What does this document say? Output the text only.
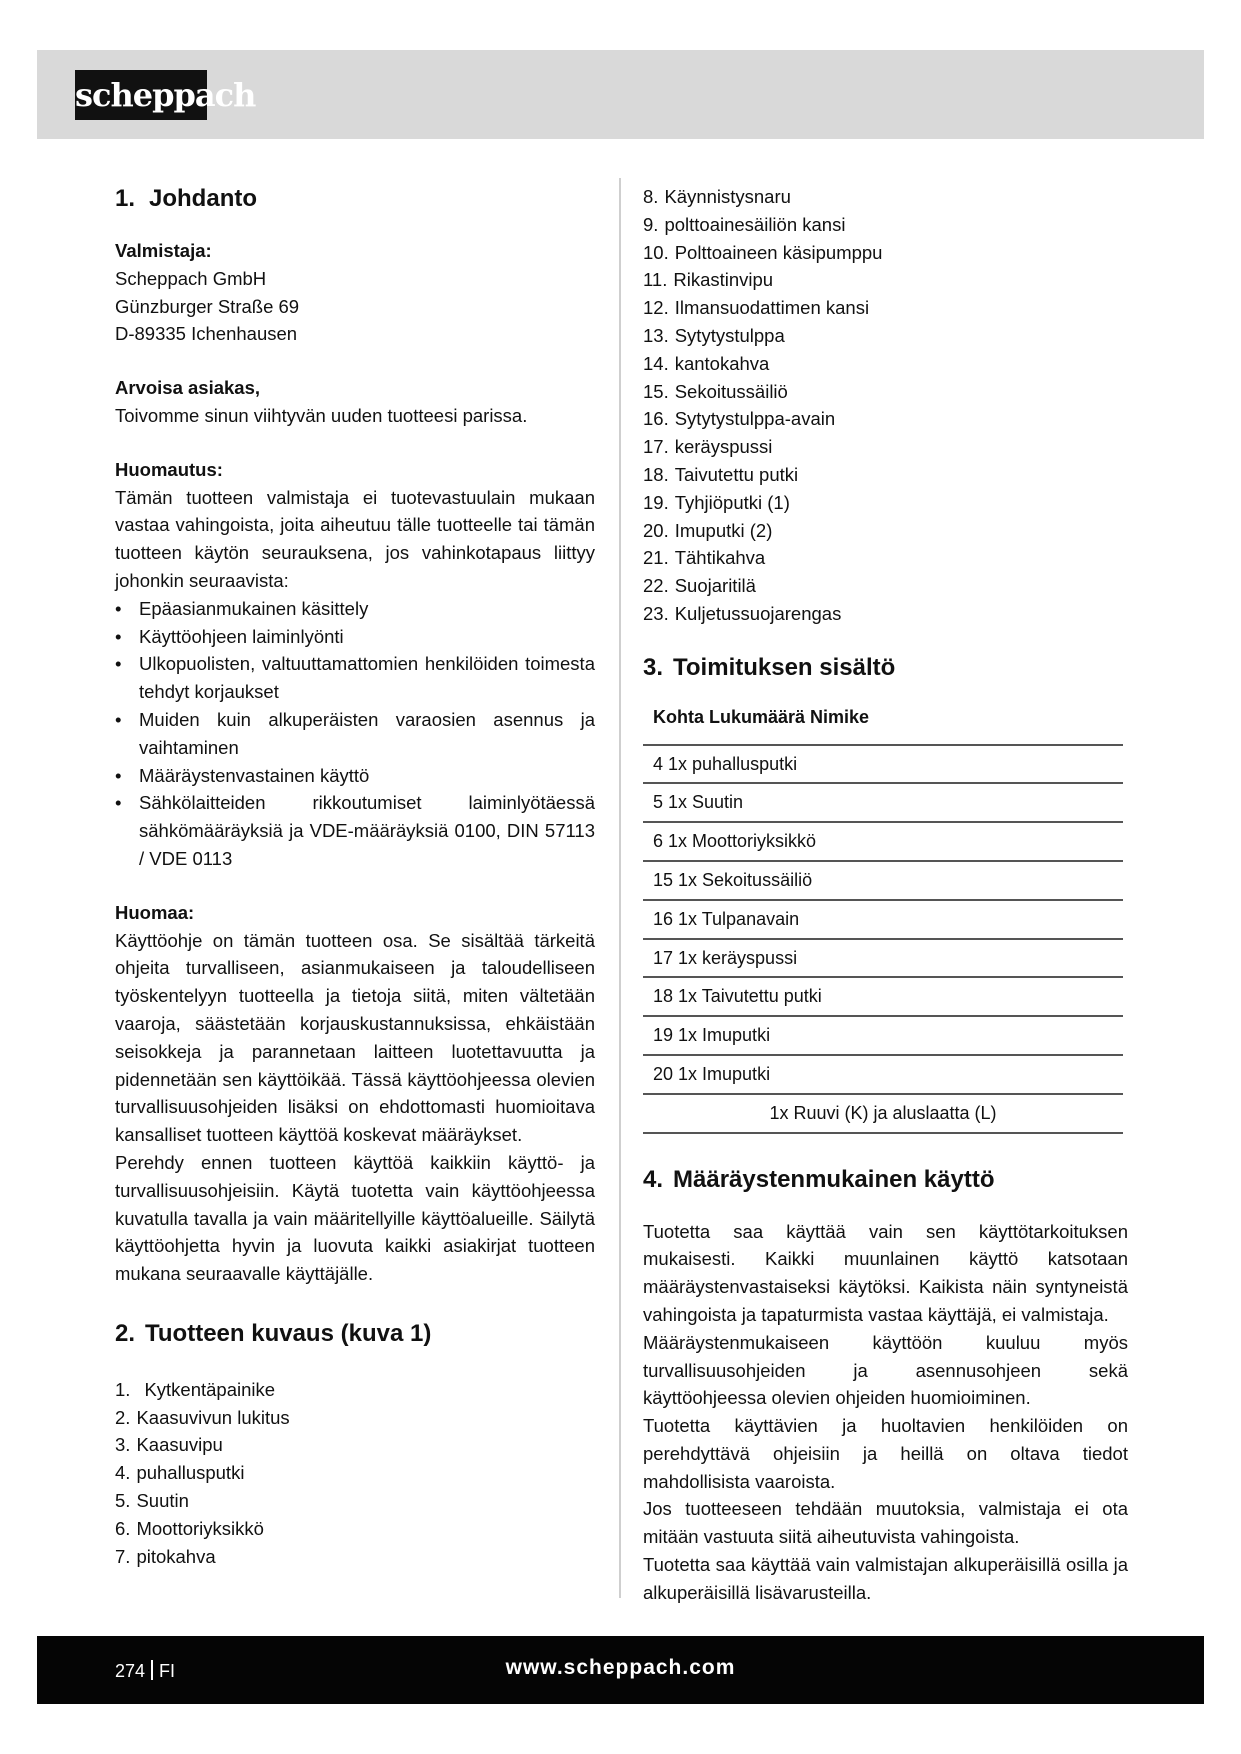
scheppach
1. Johdanto
Valmistaja:
Scheppach GmbH
Günzburger Straße 69
D-89335 Ichenhausen
Arvoisa asiakas,
Toivomme sinun viihtyvän uuden tuotteesi parissa.
Huomautus:
Tämän tuotteen valmistaja ei tuotevastuulain mukaan vastaa vahingoista, joita aiheutuu tälle tuotteelle tai tämän tuotteen käytön seurauksena, jos vahinkotapaus liittyy johonkin seuraavista:
• Epäasianmukainen käsittely
• Käyttöohjeen laiminlyönti
• Ulkopuolisten, valtuuttamattomien henkilöiden toimesta tehdyt korjaukset
• Muiden kuin alkuperäisten varaosien asennus ja vaihtaminen
• Määräystenvastainen käyttö
• Sähkölaitteiden rikkoutumiset laiminlyötäessä sähkömääräyksiä ja VDE-määräyksiä 0100, DIN 57113 / VDE 0113
Huomaa:
Käyttöohje on tämän tuotteen osa. Se sisältää tärkeitä ohjeita turvalliseen, asianmukaiseen ja taloudelliseen työskentelyyn tuotteella ja tietoja siitä, miten vältetään vaaroja, säästetään korjauskustannuksissa, ehkäistään seisokkeja ja parannetaan laitteen luotettavuutta ja pidennetään sen käyttöikää. Tässä käyttöohjeessa olevien turvallisuusohjeiden lisäksi on ehdottomasti huomioitava kansalliset tuotteen käyttöä koskevat määräykset.
Perehdy ennen tuotteen käyttöä kaikkiin käyttö- ja turvallisuusohjeisiin. Käytä tuotetta vain käyttöohjeessa kuvatulla tavalla ja vain määritellyille käyttöalueille. Säilytä käyttöohjetta hyvin ja luovuta kaikki asiakirjat tuotteen mukana seuraavalle käyttäjälle.
2. Tuotteen kuvaus (kuva 1)
1. Kytkentäpainike
2. Kaasuvivun lukitus
3. Kaasuvipu
4. puhallusputki
5. Suutin
6. Moottoriyksikkö
7. pitokahva
8. Käynnistysnaru
9. polttoainesäiliön kansi
10. Polttoaineen käsipumppu
11. Rikastinvipu
12. Ilmansuodattimen kansi
13. Sytytystulppa
14. kantokahva
15. Sekoitussäiliö
16. Sytytystulppa-avain
17. keräyspussi
18. Taivutettu putki
19. Tyhjiöputki (1)
20. Imuputki (2)
21. Tähtikahva
22. Suojaritilä
23. Kuljetussuojarengas
3. Toimituksen sisältö
Kohta Lukumäärä Nimike
4 1x puhallusputki
5 1x Suutin
6 1x Moottoriyksikkö
15 1x Sekoitussäiliö
16 1x Tulpanavain
17 1x keräyspussi
18 1x Taivutettu putki
19 1x Imuputki
20 1x Imuputki
1x Ruuvi (K) ja aluslaatta (L)
4. Määräystenmukainen käyttö
Tuotetta saa käyttää vain sen käyttötarkoituksen mukaisesti. Kaikki muunlainen käyttö katsotaan määräystenvastaiseksi käytöksi. Kaikista näin syntyneistä vahingoista ja tapaturmista vastaa käyttäjä, ei valmistaja.
Määräystenmukaiseen käyttöön kuuluu myös turvallisuusohjeiden ja asennusohjeen sekä käyttöohjeessa olevien ohjeiden huomioiminen.
Tuotetta käyttävien ja huoltavien henkilöiden on perehdyttävä ohjeisiin ja heillä on oltava tiedot mahdollisista vaaroista.
Jos tuotteeseen tehdään muutoksia, valmistaja ei ota mitään vastuuta siitä aiheutuvista vahingoista.
Tuotetta saa käyttää vain valmistajan alkuperäisillä osilla ja alkuperäisillä lisävarusteilla.
274 FI	www.scheppach.com
